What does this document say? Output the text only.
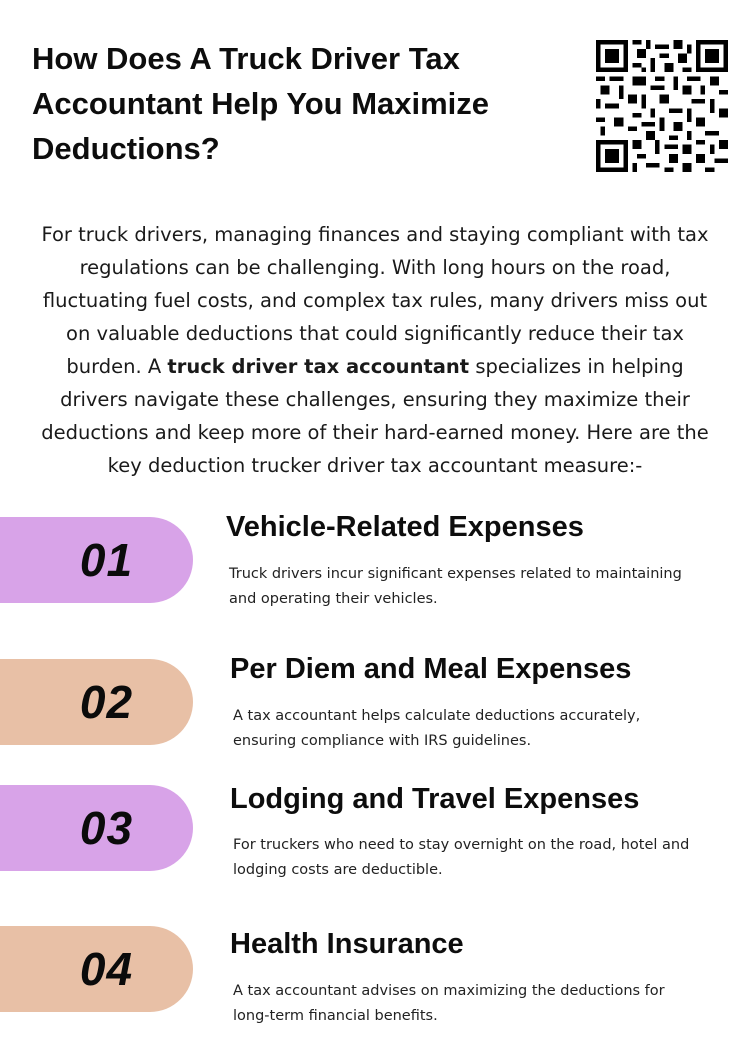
How Does A Truck Driver Tax Accountant Help You Maximize Deductions?

For truck drivers, managing finances and staying compliant with tax regulations can be challenging. With long hours on the road, fluctuating fuel costs, and complex tax rules, many drivers miss out on valuable deductions that could significantly reduce their tax burden. A truck driver tax accountant specializes in helping drivers navigate these challenges, ensuring they maximize their deductions and keep more of their hard-earned money. Here are the key deduction trucker driver tax accountant measure:-

01
Vehicle-Related Expenses

Truck drivers incur significant expenses related to maintaining and operating their vehicles.

02
Per Diem and Meal Expenses

A tax accountant helps calculate deductions accurately, ensuring compliance with IRS guidelines.

03
Lodging and Travel Expenses

For truckers who need to stay overnight on the road, hotel and lodging costs are deductible.

04	Health Insurance

A tax accountant advises on maximizing the deductions for long-term financial benefits.
